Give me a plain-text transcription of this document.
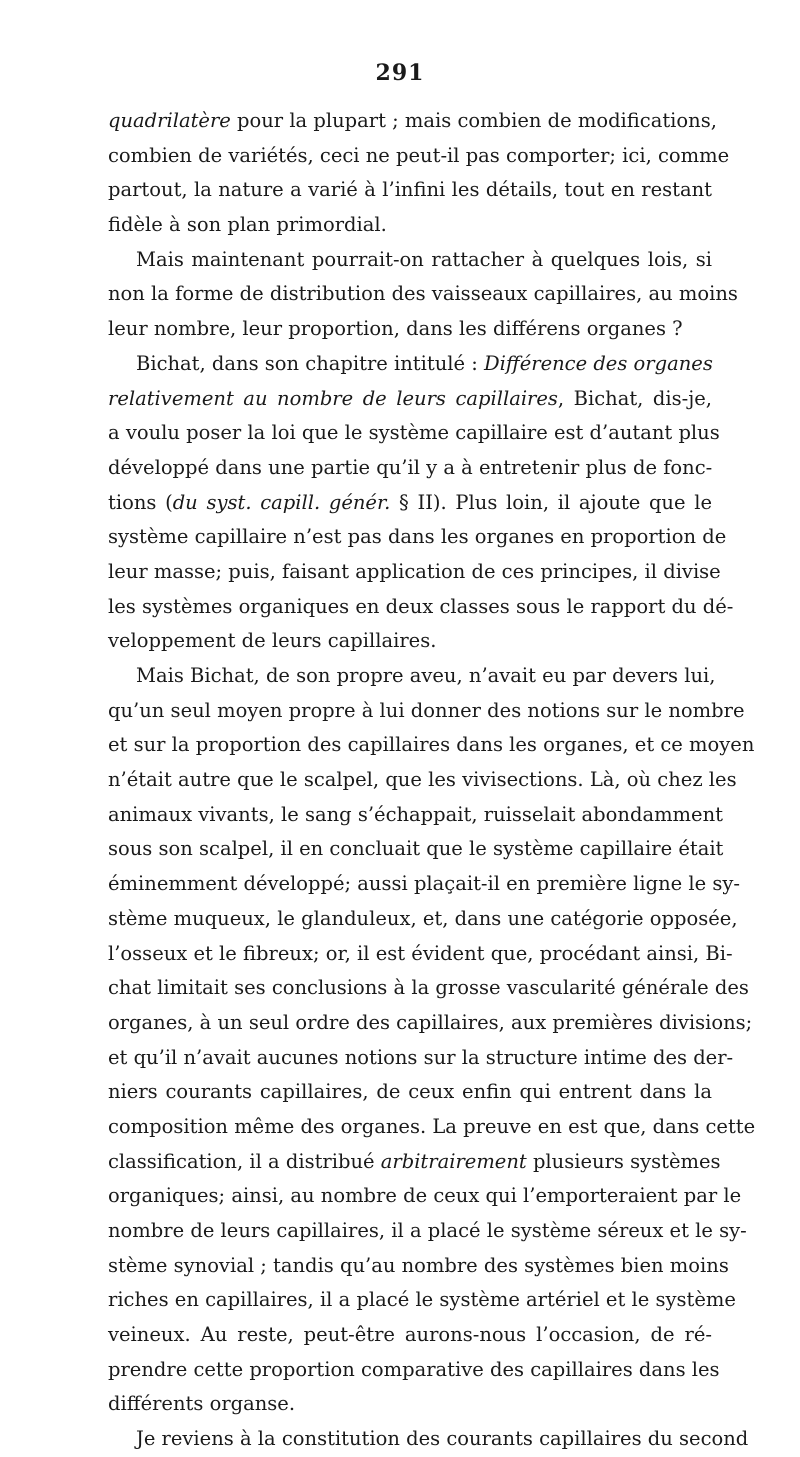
291
quadrilatère pour la plupart ; mais combien de modifications,
combien de variétés, ceci ne peut-il pas comporter; ici, comme
partout, la nature a varié à l’infini les détails, tout en restant
fidèle à son plan primordial.
Mais maintenant pourrait-on rattacher à quelques lois, si
non la forme de distribution des vaisseaux capillaires, au moins
leur nombre, leur proportion, dans les différens organes ?
Bichat, dans son chapitre intitulé : Différence des organes
relativement au nombre de leurs capillaires, Bichat, dis-je,
a voulu poser la loi que le système capillaire est d’autant plus
développé dans une partie qu’il y a à entretenir plus de fonc-
tions (du syst. capill. génér. § II). Plus loin, il ajoute que le
système capillaire n’est pas dans les organes en proportion de
leur masse; puis, faisant application de ces principes, il divise
les systèmes organiques en deux classes sous le rapport du dé-
veloppement de leurs capillaires.
Mais Bichat, de son propre aveu, n’avait eu par devers lui,
qu’un seul moyen propre à lui donner des notions sur le nombre
et sur la proportion des capillaires dans les organes, et ce moyen
n’était autre que le scalpel, que les vivisections. Là, où chez les
animaux vivants, le sang s’échappait, ruisselait abondamment
sous son scalpel, il en concluait que le système capillaire était
éminemment développé; aussi plaçait-il en première ligne le sy-
stème muqueux, le glanduleux, et, dans une catégorie opposée,
l’osseux et le fibreux; or, il est évident que, procédant ainsi, Bi-
chat limitait ses conclusions à la grosse vascularité générale des
organes, à un seul ordre des capillaires, aux premières divisions;
et qu’il n’avait aucunes notions sur la structure intime des der-
niers courants capillaires, de ceux enfin qui entrent dans la
composition même des organes. La preuve en est que, dans cette
classification, il a distribué arbitrairement plusieurs systèmes
organiques; ainsi, au nombre de ceux qui l’emporteraient par le
nombre de leurs capillaires, il a placé le système séreux et le sy-
stème synovial ; tandis qu’au nombre des systèmes bien moins
riches en capillaires, il a placé le système artériel et le système
veineux. Au reste, peut-être aurons-nous l’occasion, de ré-
prendre cette proportion comparative des capillaires dans les
différents organse.
Je reviens à la constitution des courants capillaires du second
